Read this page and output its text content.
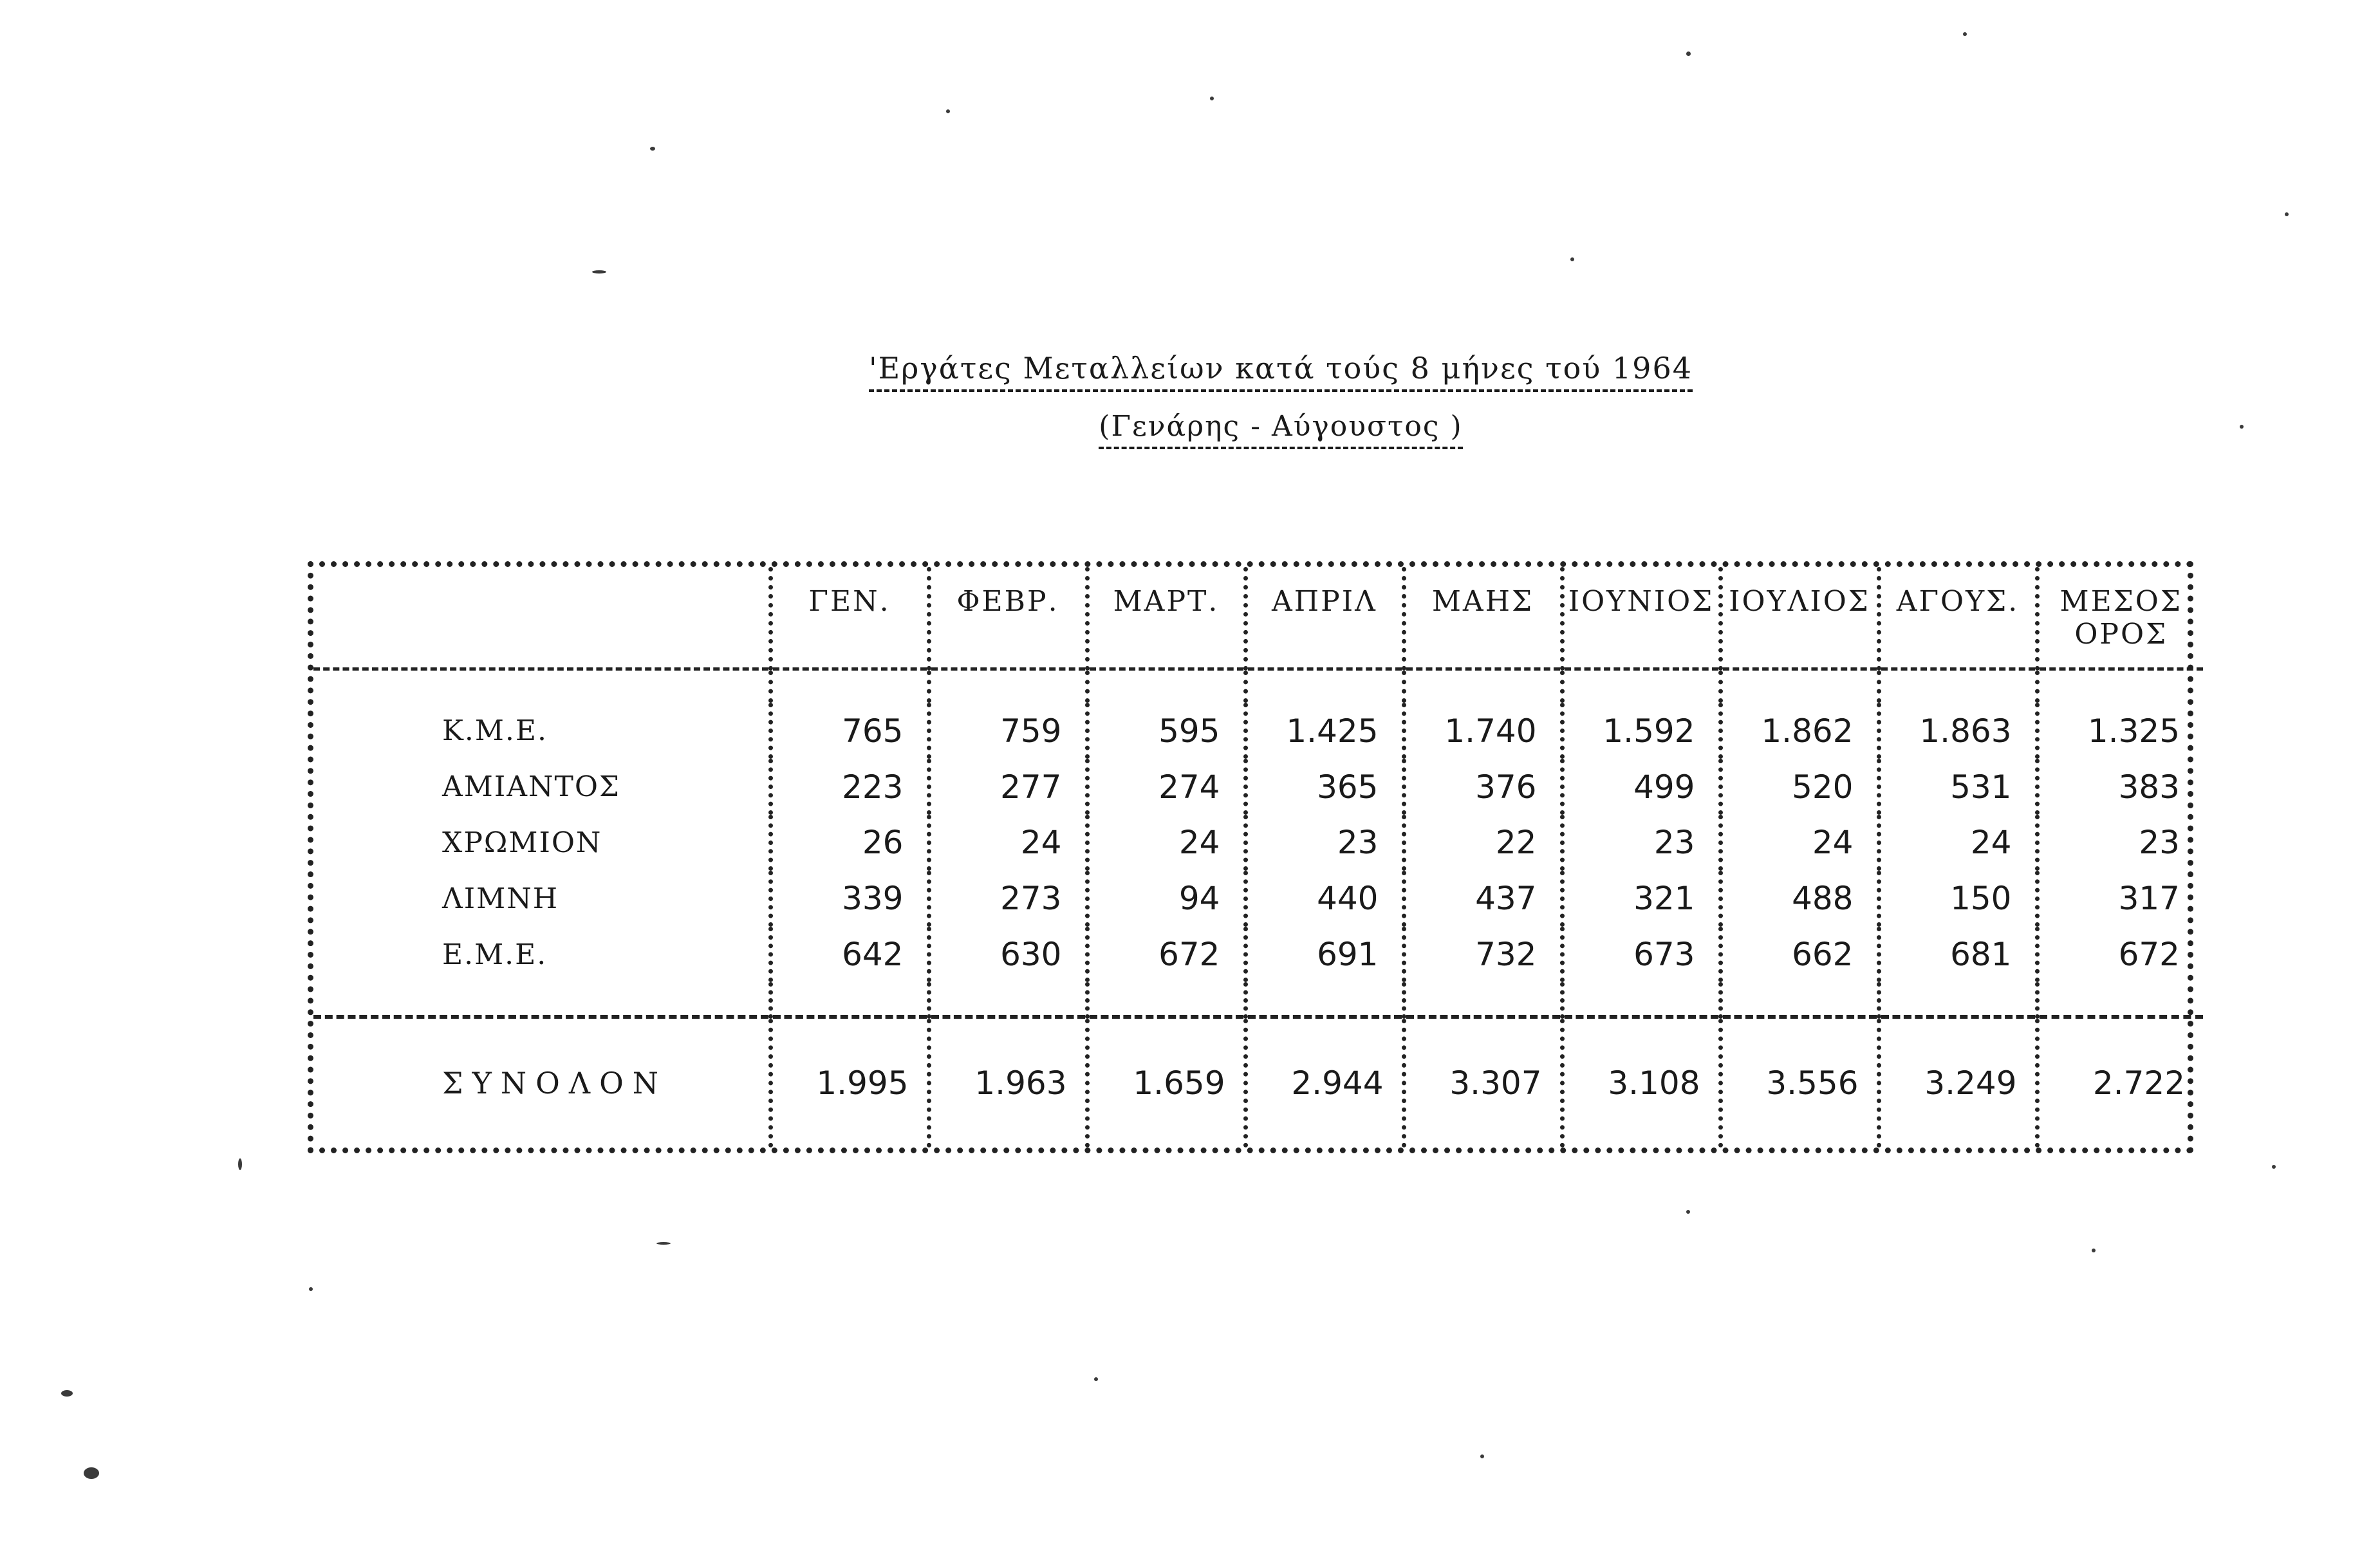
'Εργάτες Μεταλλείων κατά τούς 8 μήνες τού 1964
(Γενάρης - Αύγουστος )
	ΓΕΝ.	ΦΕΒΡ.	ΜΑΡΤ.	ΑΠΡΙΛ	ΜΑΗΣ	ΙΟΥΝΙΟΣ	ΙΟΥΛΙΟΣ	ΑΓΟΥΣ.	ΜΕΣΟΣ ΟΡΟΣ

Κ.Μ.Ε.	765	759	595	1.425	1.740	1.592	1.862	1.863	1.325
ΑΜΙΑΝΤΟΣ	223	277	274	365	376	499	520	531	383
ΧΡΩΜΙΟΝ	26	24	24	23	22	23	24	24	23
ΛΙΜΝΗ	339	273	94	440	437	321	488	150	317
Ε.Μ.Ε.	642	630	672	691	732	673	662	681	672

ΣΥΝΟΛΟΝ	1.995	1.963	1.659	2.944	3.307	3.108	3.556	3.249	2.722
